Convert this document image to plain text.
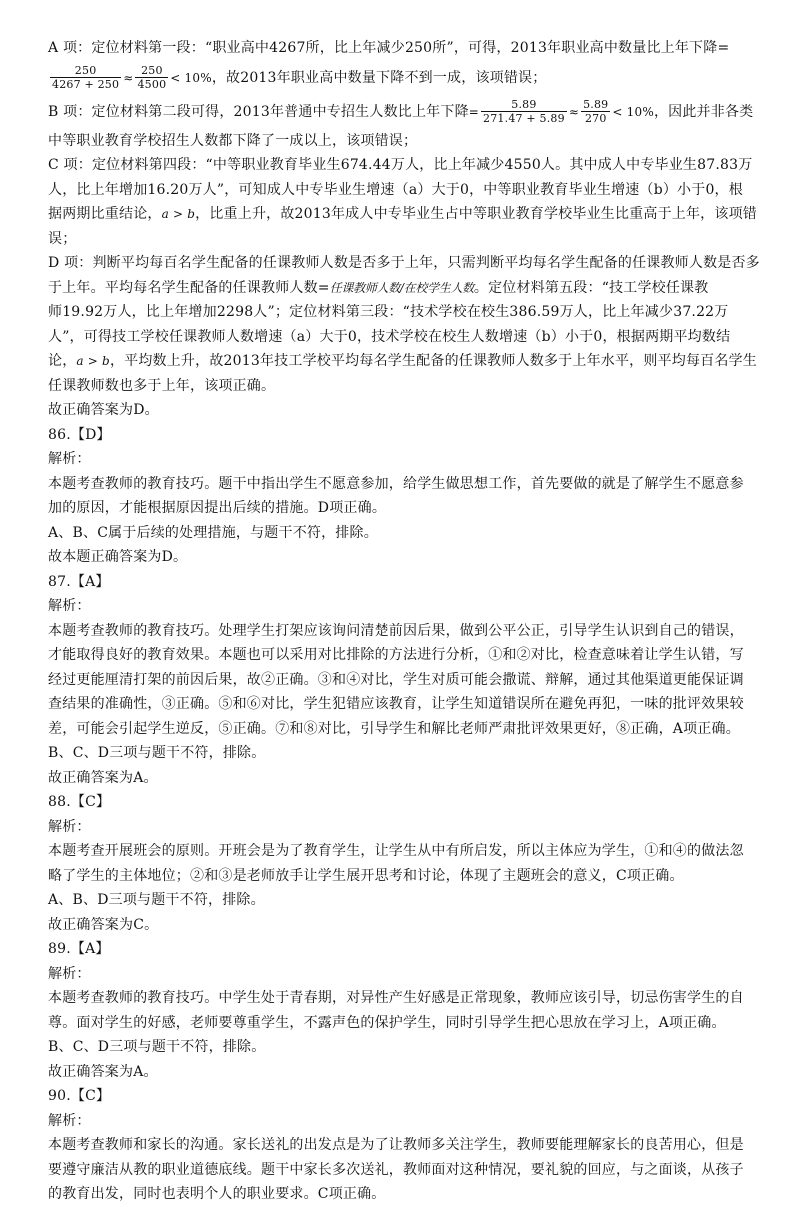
A 项：定位材料第一段：“职业高中4267所，比上年减少250所”，可得，2013年职业高中数量比上年下降=
$\frac{250}{4267 + 250} \approx \frac{250}{4500} < 10\%$，故2013年职业高中数量下降不到一成，该项错误；
B 项：定位材料第二段可得，2013年普通中专招生人数比上年下降= $\frac{5.89}{271.47 + 5.89} \approx \frac{5.89}{270} < 10\%$，因此并非各类
中等职业教育学校招生人数都下降了一成以上，该项错误；
C 项：定位材料第四段：“中等职业教育毕业生674.44万人，比上年减少4550人。其中成人中专毕业生87.83万
人，比上年增加16.20万人”，可知成人中专毕业生增速（a）大于0，中等职业教育毕业生增速（b）小于0，根
据两期比重结论，a > b，比重上升，故2013年成人中专毕业生占中等职业教育学校毕业生比重高于上年，该项错
误；
D 项：判断平均每百名学生配备的任课教师人数是否多于上年，只需判断平均每名学生配备的任课教师人数是否多
于上年。平均每名学生配备的任课教师人数=任课教师人数/在校学生人数。定位材料第五段：“技工学校任课教
师19.92万人，比上年增加2298人”；定位材料第三段：“技术学校在校生386.59万人，比上年减少37.22万
人”，可得技工学校任课教师人数增速（a）大于0，技术学校在校生人数增速（b）小于0，根据两期平均数结
论，a > b，平均数上升，故2013年技工学校平均每名学生配备的任课教师人数多于上年水平，则平均每百名学生
任课教师数也多于上年，该项正确。
故正确答案为D。
86.【D】
解析：
本题考查教师的教育技巧。题干中指出学生不愿意参加，给学生做思想工作，首先要做的就是了解学生不愿意参
加的原因，才能根据原因提出后续的措施。D项正确。
A、B、C属于后续的处理措施，与题干不符，排除。
故本题正确答案为D。
87.【A】
解析：
本题考查教师的教育技巧。处理学生打架应该询问清楚前因后果，做到公平公正，引导学生认识到自己的错误，
才能取得良好的教育效果。本题也可以采用对比排除的方法进行分析，①和②对比，检查意味着让学生认错，写
经过更能厘清打架的前因后果，故②正确。③和④对比，学生对质可能会撒谎、辩解，通过其他渠道更能保证调
查结果的准确性，③正确。⑤和⑥对比，学生犯错应该教育，让学生知道错误所在避免再犯，一味的批评效果较
差，可能会引起学生逆反，⑤正确。⑦和⑧对比，引导学生和解比老师严肃批评效果更好，⑧正确，A项正确。
B、C、D三项与题干不符，排除。
故正确答案为A。
88.【C】
解析：
本题考查开展班会的原则。开班会是为了教育学生，让学生从中有所启发，所以主体应为学生，①和④的做法忽
略了学生的主体地位；②和③是老师放手让学生展开思考和讨论，体现了主题班会的意义，C项正确。
A、B、D三项与题干不符，排除。
故正确答案为C。
89.【A】
解析：
本题考查教师的教育技巧。中学生处于青春期，对异性产生好感是正常现象，教师应该引导，切忌伤害学生的自
尊。面对学生的好感，老师要尊重学生，不露声色的保护学生，同时引导学生把心思放在学习上，A项正确。
B、C、D三项与题干不符，排除。
故正确答案为A。
90.【C】
解析：
本题考查教师和家长的沟通。家长送礼的出发点是为了让教师多关注学生，教师要能理解家长的良苦用心，但是
要遵守廉洁从教的职业道德底线。题干中家长多次送礼，教师面对这种情况，要礼貌的回应，与之面谈，从孩子
的教育出发，同时也表明个人的职业要求。C项正确。
